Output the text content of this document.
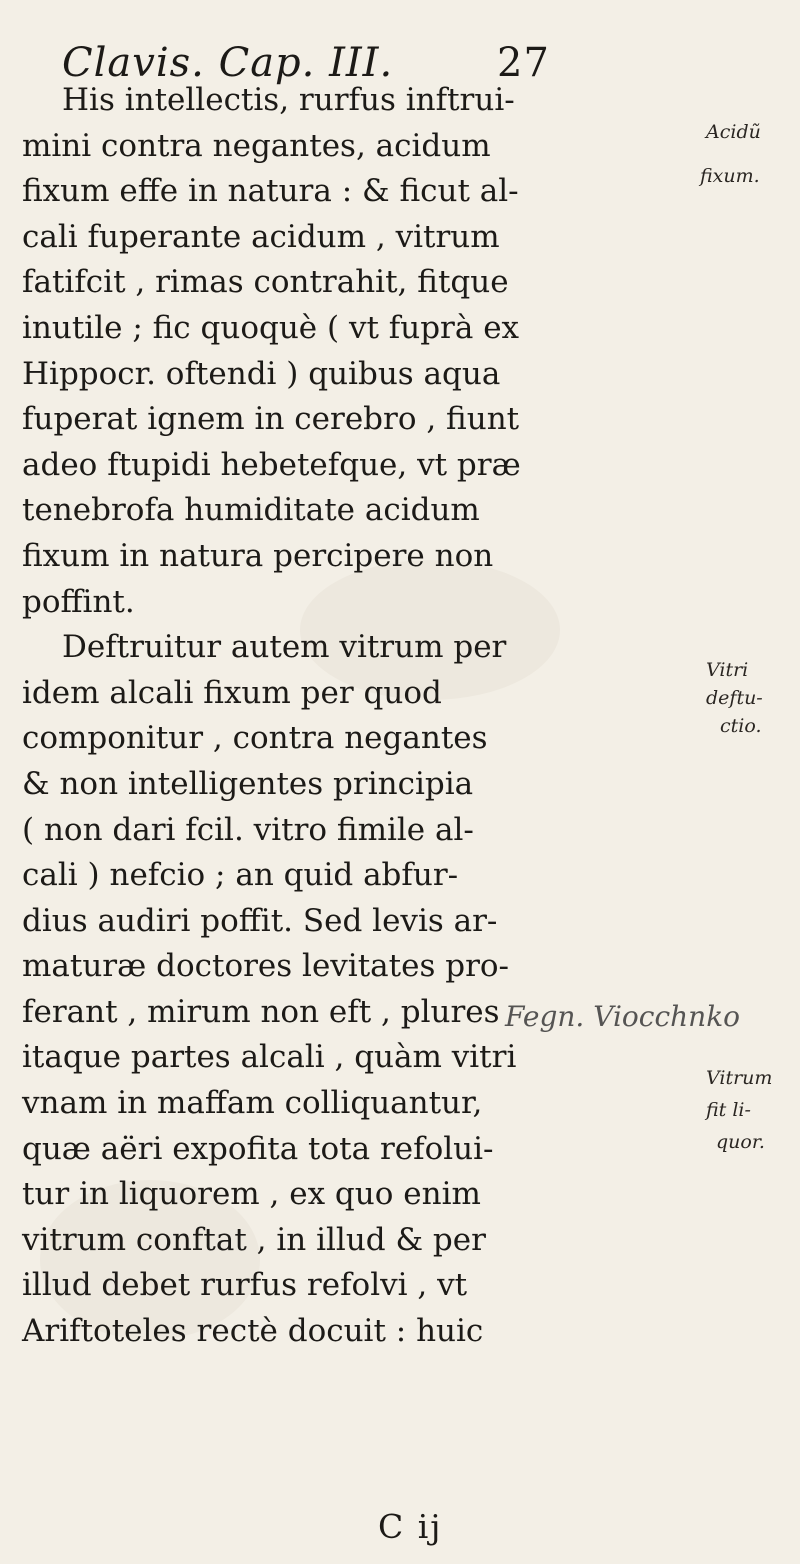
Clavis. Cap. III.	27
His intellectis, rurfus inftrui-
mini contra negantes, acidum
fixum effe in natura : & ficut al-
cali fuperante acidum , vitrum
fatifcit , rimas contrahit, fitque
inutile ; fic quoquè ( vt fuprà ex
Hippocr. oftendi ) quibus aqua
fuperat ignem in cerebro , fiunt
adeo ftupidi hebetefque, vt præ
tenebrofa humiditate acidum
fixum in natura percipere non
poffint.
Deftruitur autem vitrum per
idem alcali fixum per quod
componitur , contra negantes
& non intelligentes principia
( non dari fcil. vitro fimile al-
cali ) nefcio ; an quid abfur-
dius audiri poffit. Sed levis ar-
maturæ doctores levitates pro-
ferant , mirum non eft , plures
itaque partes alcali , quàm vitri
vnam in maffam colliquantur,
quæ aëri expofita tota refolui-
tur in liquorem , ex quo enim
vitrum conftat , in illud & per
illud debet rurfus refolvi , vt
Ariftoteles rectè docuit : huic
Acidũ
fixum.
Vitri
deftu-
ctio.
Vitrum
fit li-
quor.
Fegn. Viocchnko
C ij
